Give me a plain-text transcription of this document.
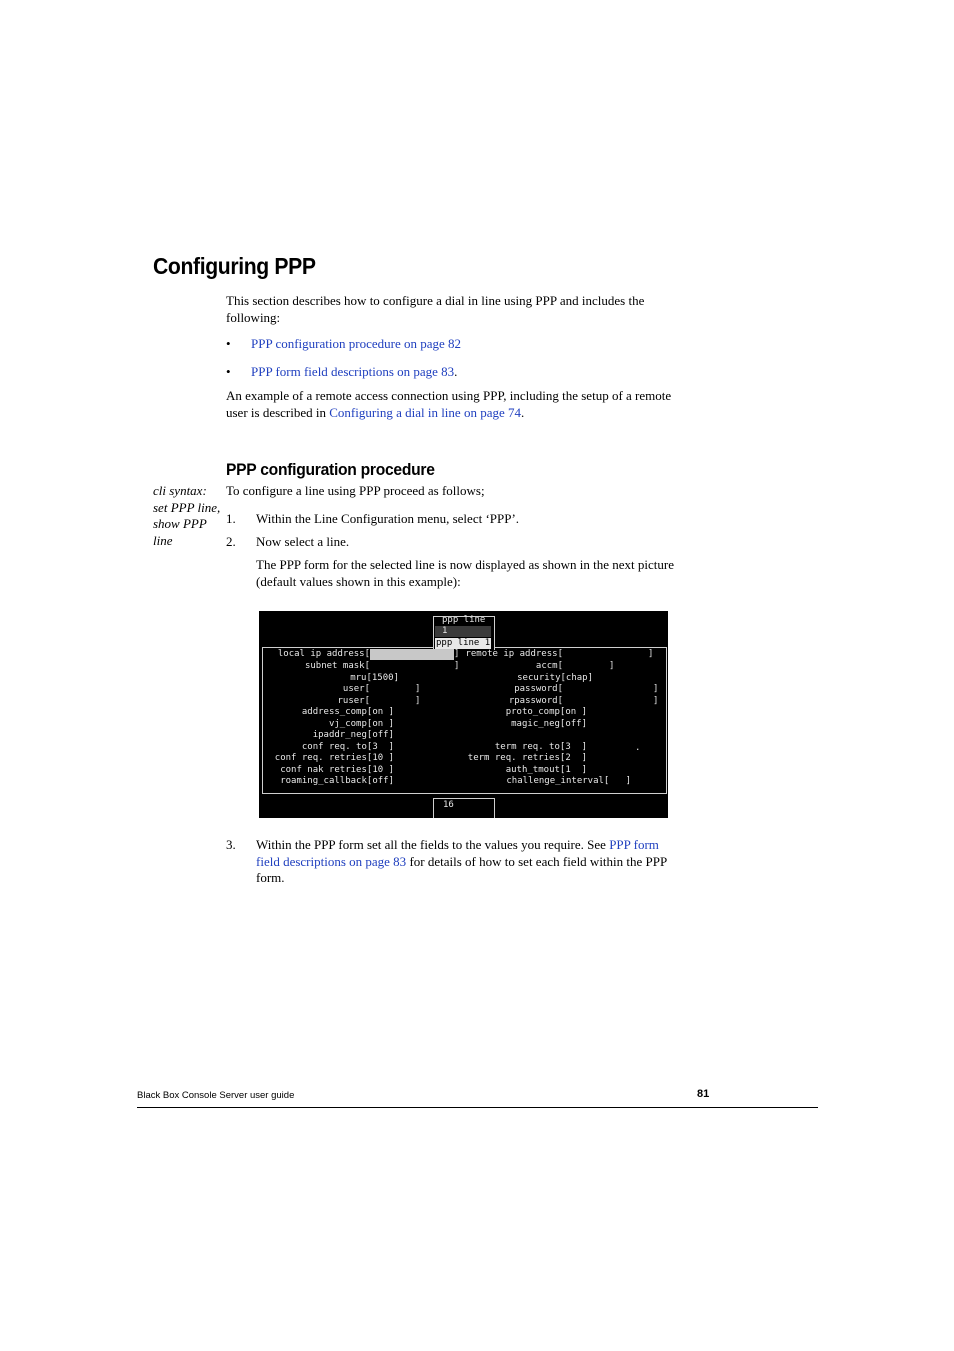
Configuring PPP
This section describes how to configure a dial in line using PPP and includes the
following:
• PPP configuration procedure on page 82
• PPP form field descriptions on page 83.
An example of a remote access connection using PPP, including the setup of a remote
user is described in Configuring a dial in line on page 74.
PPP configuration procedure
cli syntax:
set PPP line,
show PPP
line
To configure a line using PPP proceed as follows;
1. Within the Line Configuration menu, select ‘PPP’.
2. Now select a line.
The PPP form for the selected line is now displayed as shown in the next picture
(default values shown in this example):
ppp line
1
ppp line 1
local ip address[
subnet mask[
mru[1500]
user[
ruser[
address_comp[on ]
vj_comp[on ]
ipaddr_neg[off]
conf req. to[3  ]
conf req. retries[10 ]
conf nak retries[10 ]
roaming_callback[off]
]
]
]
]
remote ip address[
accm[
security[chap]
password[
rpassword[
proto_comp[on ]
magic_neg[off]
term req. to[3  ]
term req. retries[2  ]
auth_tmout[1  ]
challenge_interval[   ]
]
]
]
]
.
16
3. Within the PPP form set all the fields to the values you require. See PPP form
field descriptions on page 83 for details of how to set each field within the PPP
form.
Black Box Console Server user guide	81
